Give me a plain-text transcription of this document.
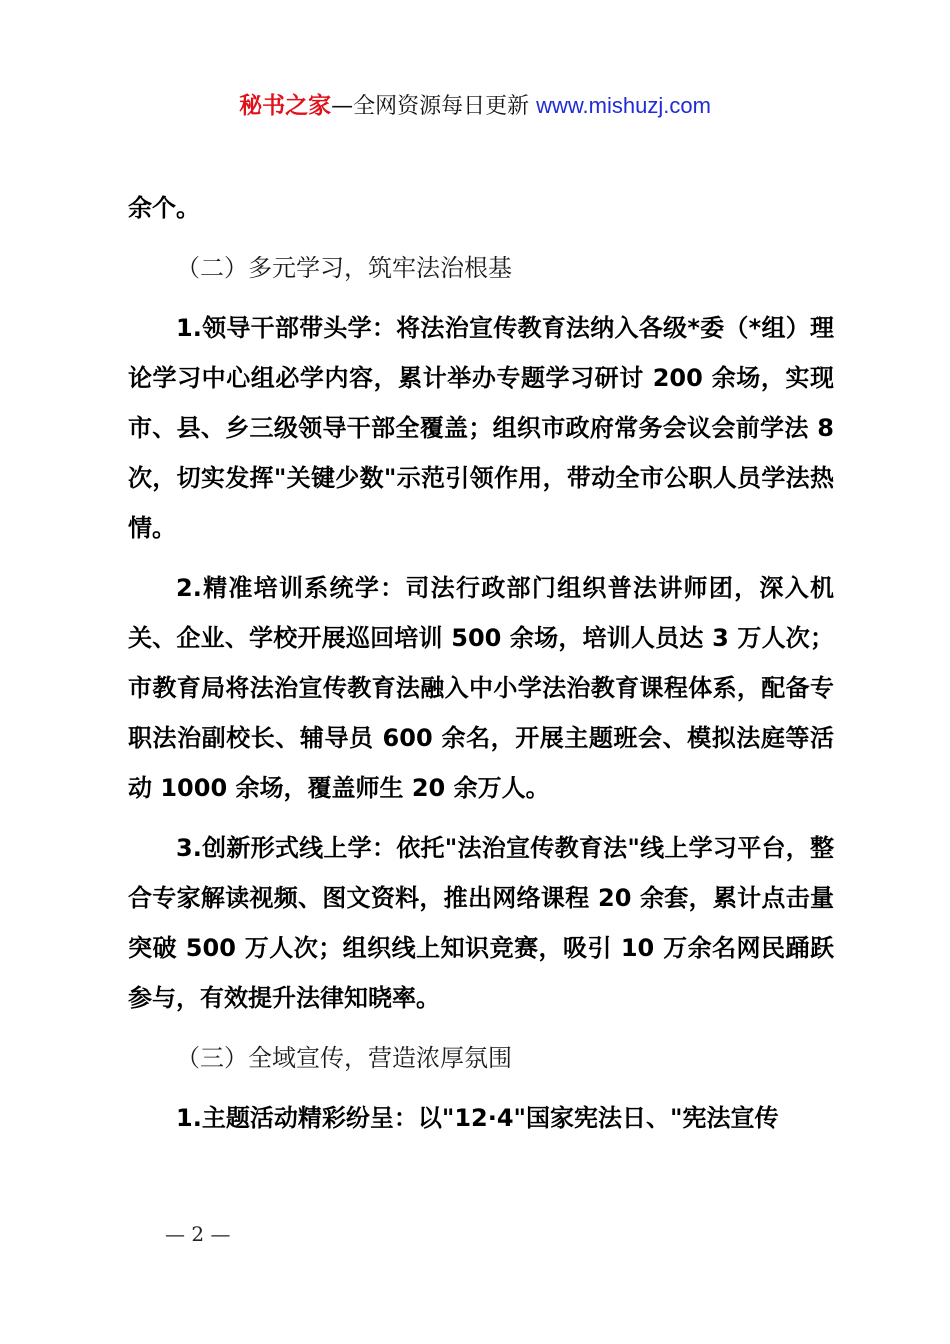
秘书之家—全网资源每日更新 www.mishuzj.com

余个。

（二）多元学习，筑牢法治根基

1.领导干部带头学：将法治宣传教育法纳入各级*委（*组）理论学习中心组必学内容，累计举办专题学习研讨 200 余场，实现市、县、乡三级领导干部全覆盖；组织市政府常务会议会前学法 8 次，切实发挥"关键少数"示范引领作用，带动全市公职人员学法热情。

2.精准培训系统学：司法行政部门组织普法讲师团，深入机关、企业、学校开展巡回培训 500 余场，培训人员达 3 万人次；市教育局将法治宣传教育法融入中小学法治教育课程体系，配备专职法治副校长、辅导员 600 余名，开展主题班会、模拟法庭等活动 1000 余场，覆盖师生 20 余万人。

3.创新形式线上学：依托"法治宣传教育法"线上学习平台，整合专家解读视频、图文资料，推出网络课程 20 余套，累计点击量突破 500 万人次；组织线上知识竞赛，吸引 10 万余名网民踊跃参与，有效提升法律知晓率。

（三）全域宣传，营造浓厚氛围

1.主题活动精彩纷呈：以"12·4"国家宪法日、"宪法宣传

— 2 —
